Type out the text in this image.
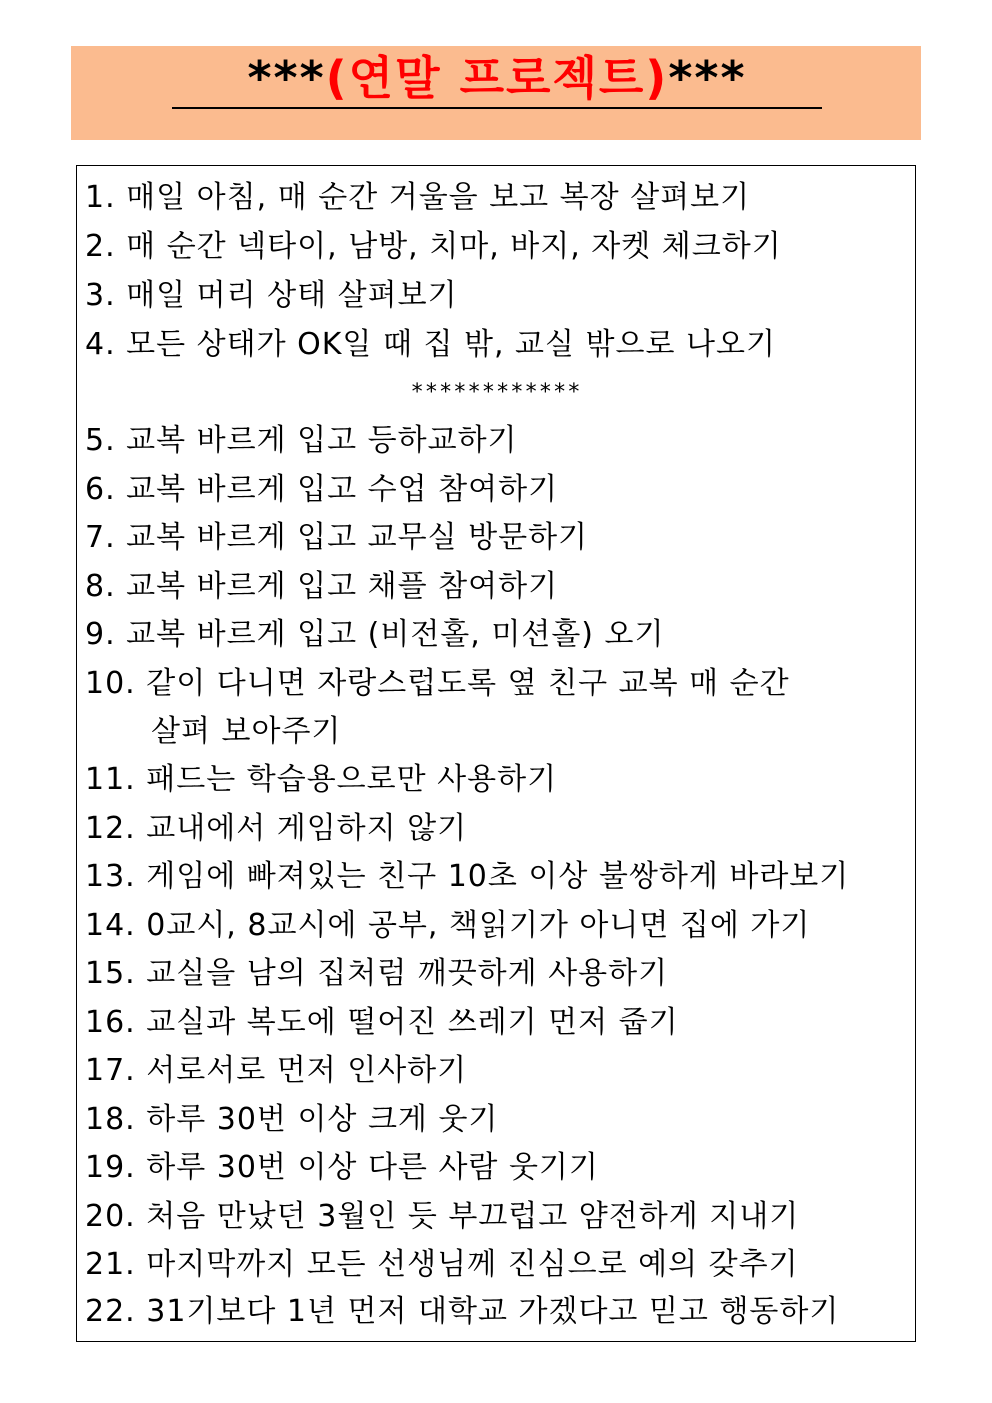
***(연말 프로젝트)***
1. 매일 아침, 매 순간 거울을 보고 복장 살펴보기
2. 매 순간 넥타이, 남방, 치마, 바지, 자켓 체크하기
3. 매일 머리 상태 살펴보기
4. 모든 상태가 OK일 때 집 밖, 교실 밖으로 나오기
************
5. 교복 바르게 입고 등하교하기
6. 교복 바르게 입고 수업 참여하기
7. 교복 바르게 입고 교무실 방문하기
8. 교복 바르게 입고 채플 참여하기
9. 교복 바르게 입고 (비전홀, 미션홀) 오기
10. 같이 다니면 자랑스럽도록 옆 친구 교복 매 순간
살펴 보아주기
11. 패드는 학습용으로만 사용하기
12. 교내에서 게임하지 않기
13. 게임에 빠져있는 친구 10초 이상 불쌍하게 바라보기
14. 0교시, 8교시에 공부, 책읽기가 아니면 집에 가기
15. 교실을 남의 집처럼 깨끗하게 사용하기
16. 교실과 복도에 떨어진 쓰레기 먼저 줍기
17. 서로서로 먼저 인사하기
18. 하루 30번 이상 크게 웃기
19. 하루 30번 이상 다른 사람 웃기기
20. 처음 만났던 3월인 듯 부끄럽고 얌전하게 지내기
21. 마지막까지 모든 선생님께 진심으로 예의 갖추기
22. 31기보다 1년 먼저 대학교 가겠다고 믿고 행동하기
